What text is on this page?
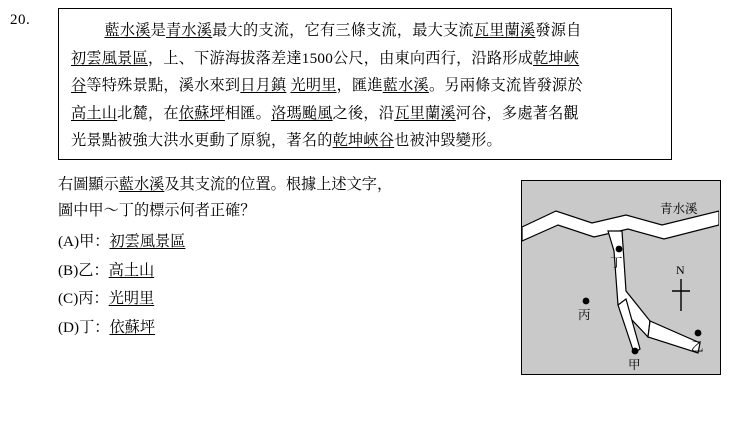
20.
藍水溪是青水溪最大的支流，它有三條支流，最大支流瓦里蘭溪發源自
初雲風景區，上、下游海拔落差達1500公尺，由東向西行，沿路形成乾坤峽
谷等特殊景點，溪水來到日月鎮 光明里，匯進藍水溪。另兩條支流皆發源於
高土山北麓，在依蘇坪相匯。洛瑪颱風之後，沿瓦里蘭溪河谷，多處著名觀
光景點被強大洪水更動了原貌，著名的乾坤峽谷也被沖毀變形。
右圖顯示藍水溪及其支流的位置。根據上述文字，
圖中甲～丁的標示何者正確？
(A)甲：初雲風景區
(B)乙：高土山
(C)丙：光明里
(D)丁：依蘇坪
青水溪
丁
丙
乙
甲
N
